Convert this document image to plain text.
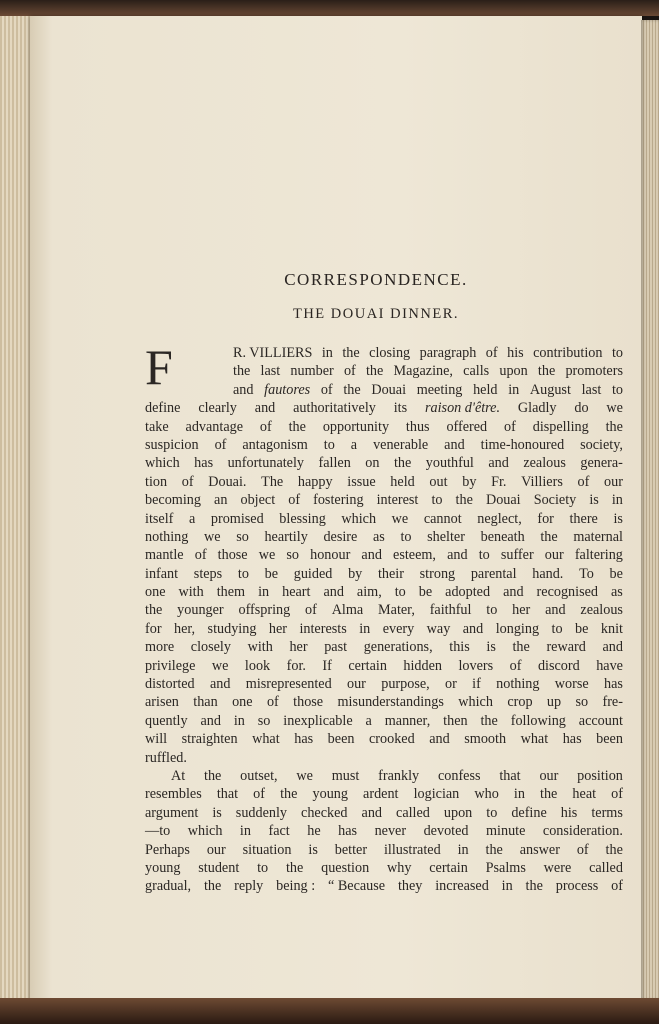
CORRESPONDENCE.
THE DOUAI DINNER.
F	R. VILLIERS in the closing paragraph of his contribution to
the last number of the Magazine, calls upon the promoters
and fautores of the Douai meeting held in August last to
define clearly and authoritatively its raison d'être. Gladly do we
take advantage of the opportunity thus offered of dispelling the
suspicion of antagonism to a venerable and time-honoured society,
which has unfortunately fallen on the youthful and zealous genera-
tion of Douai. The happy issue held out by Fr. Villiers of our
becoming an object of fostering interest to the Douai Society is in
itself a promised blessing which we cannot neglect, for there is
nothing we so heartily desire as to shelter beneath the maternal
mantle of those we so honour and esteem, and to suffer our faltering
infant steps to be guided by their strong parental hand. To be
one with them in heart and aim, to be adopted and recognised as
the younger offspring of Alma Mater, faithful to her and zealous
for her, studying her interests in every way and longing to be knit
more closely with her past generations, this is the reward and
privilege we look for. If certain hidden lovers of discord have
distorted and misrepresented our purpose, or if nothing worse has
arisen than one of those misunderstandings which crop up so fre-
quently and in so inexplicable a manner, then the following account
will straighten what has been crooked and smooth what has been
ruffled.
At the outset, we must frankly confess that our position
resembles that of the young ardent logician who in the heat of
argument is suddenly checked and called upon to define his terms
—to which in fact he has never devoted minute consideration.
Perhaps our situation is better illustrated in the answer of the
young student to the question why certain Psalms were called
gradual, the reply being : “ Because they increased in the process of
